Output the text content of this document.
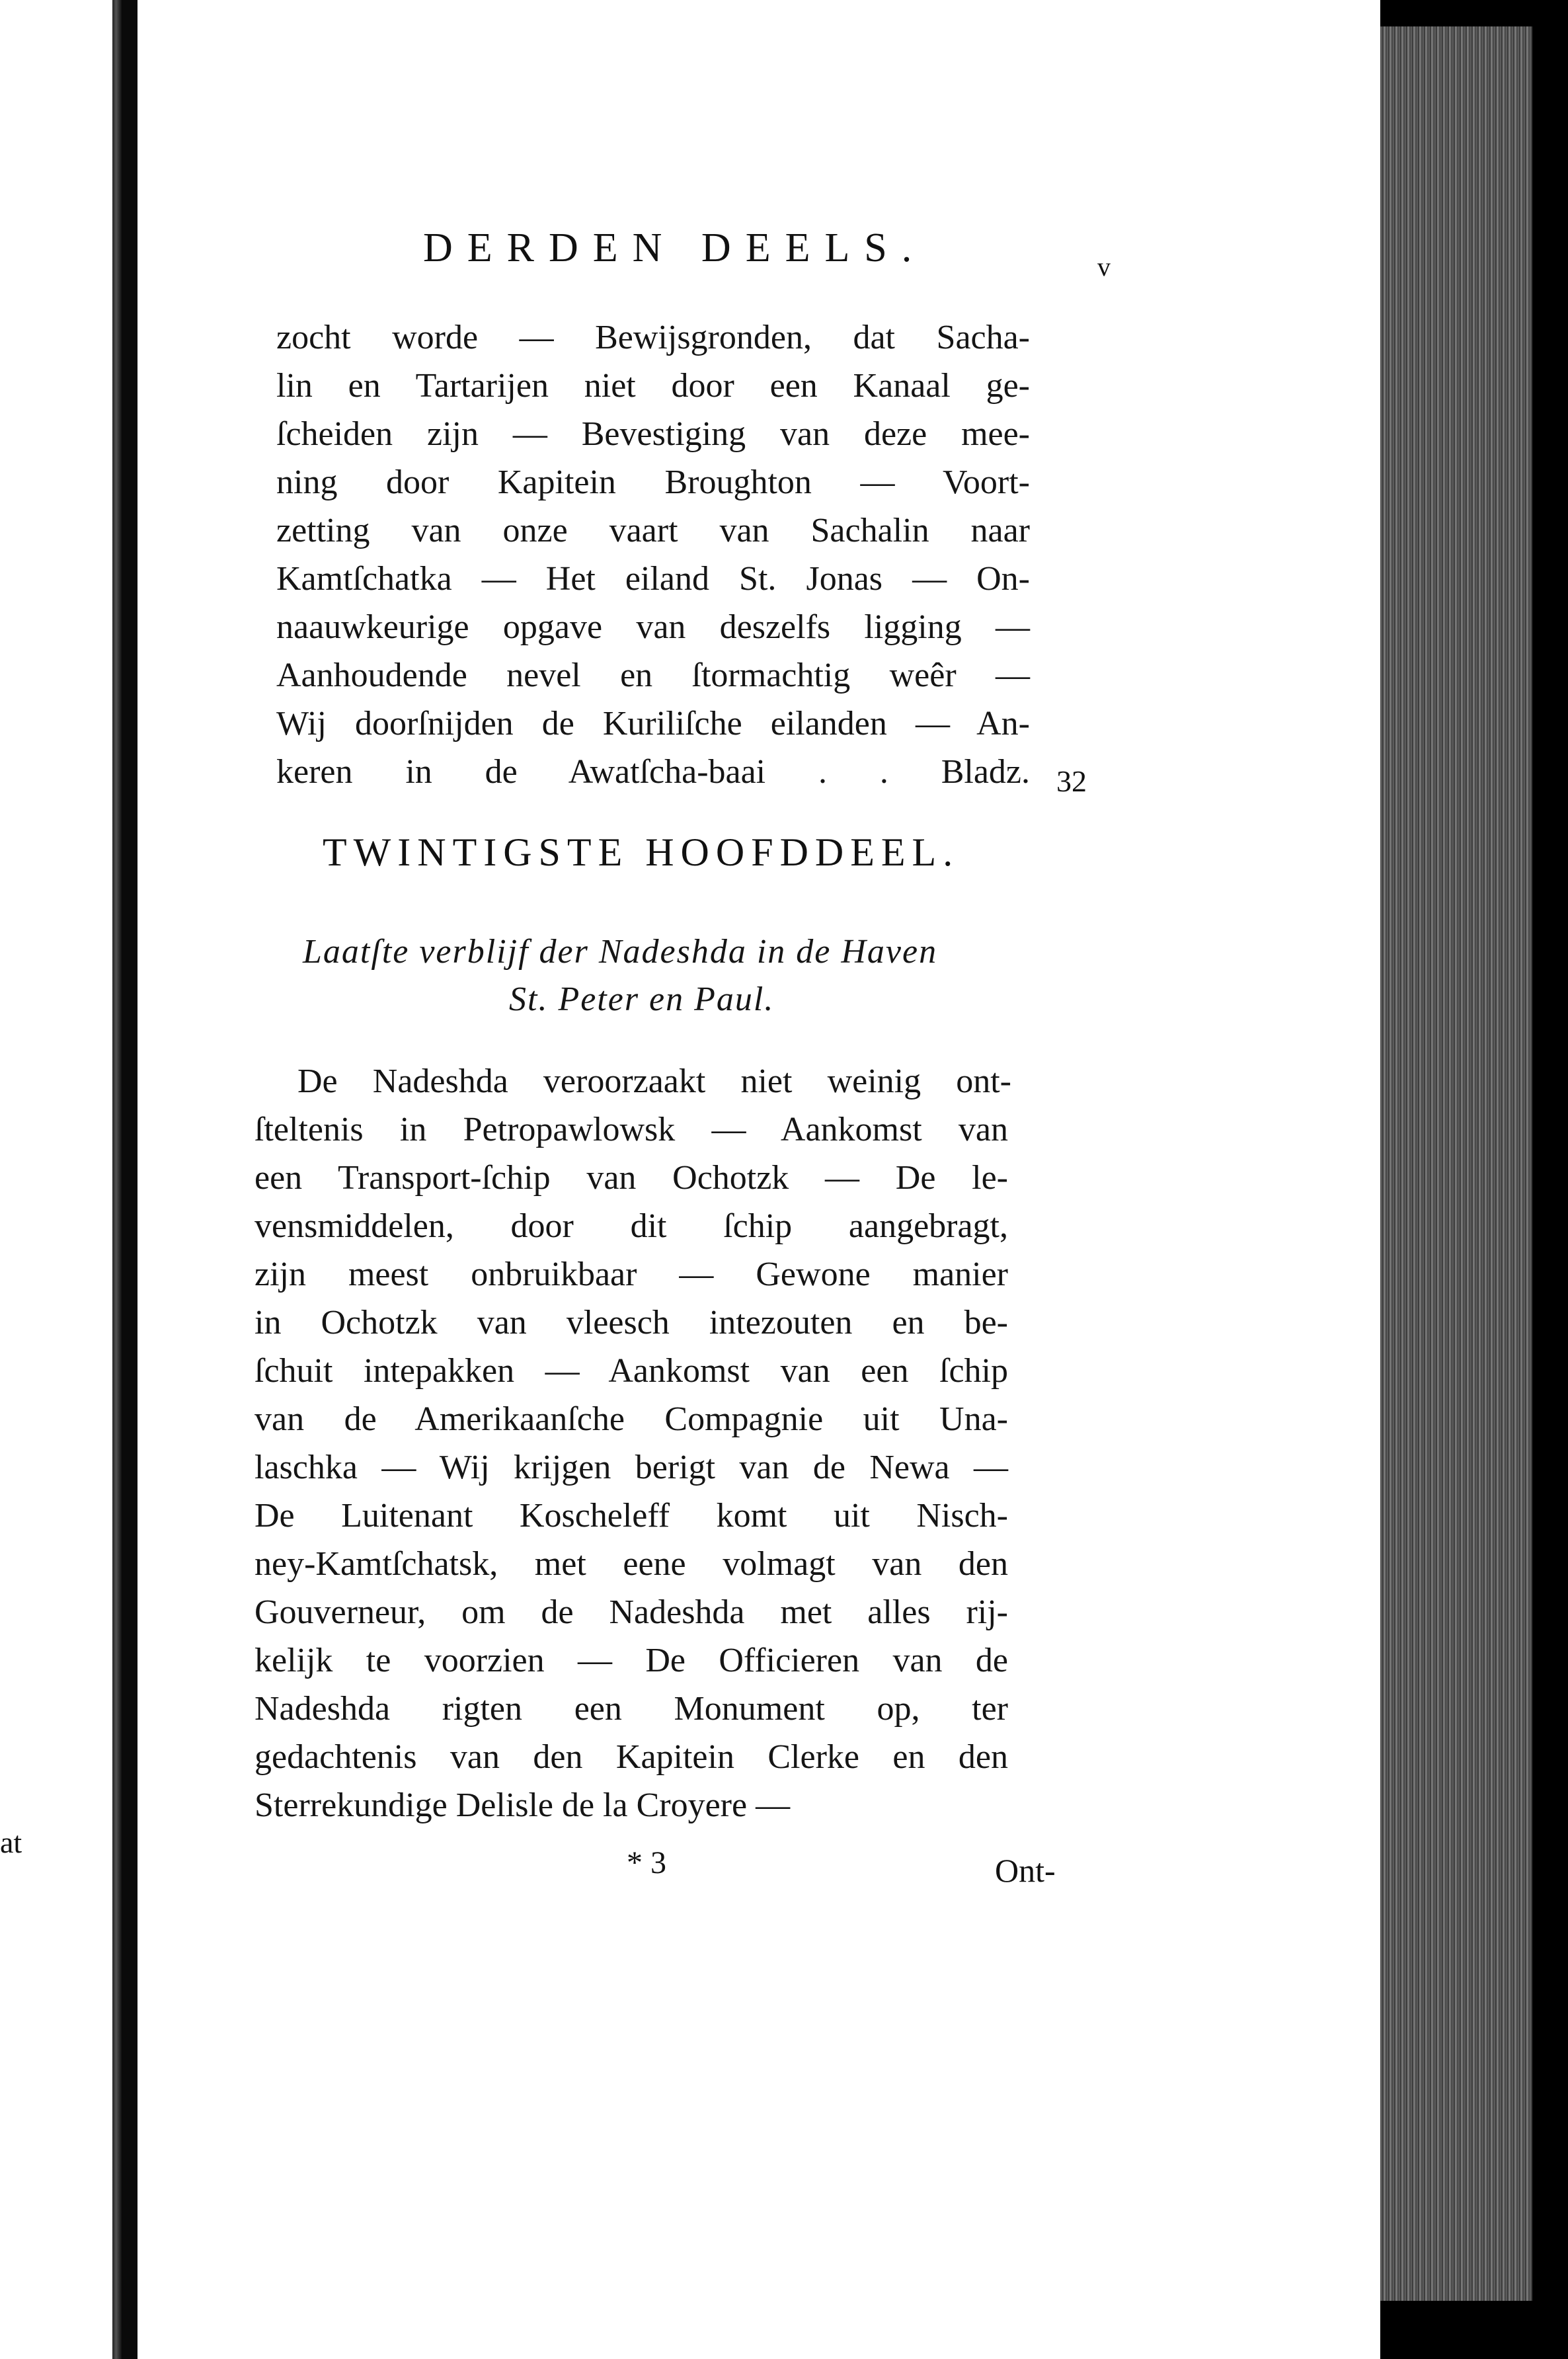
at
DERDEN DEELS.	v
zocht worde — Bewijsgronden, dat Sacha-
lin en Tartarijen niet door een Kanaal ge-
ſcheiden zijn — Bevestiging van deze mee-
ning door Kapitein Broughton — Voort-
zetting van onze vaart van Sachalin naar
Kamtſchatka — Het eiland St. Jonas — On-
naauwkeurige opgave van deszelfs ligging —
Aanhoudende nevel en ſtormachtig weêr —
Wij doorſnijden de Kuriliſche eilanden — An-
keren in de Awatſcha-baai . . Bladz. 32
TWINTIGSTE HOOFDDEEL.
Laatſte verblijf der Nadeshda in de Haven
St. Peter en Paul.
De Nadeshda veroorzaakt niet weinig ont-
ſteltenis in Petropawlowsk — Aankomst van
een Transport-ſchip van Ochotzk — De le-
vensmiddelen, door dit ſchip aangebragt,
zijn meest onbruikbaar — Gewone manier
in Ochotzk van vleesch intezouten en be-
ſchuit intepakken — Aankomst van een ſchip
van de Amerikaanſche Compagnie uit Una-
laschka — Wij krijgen berigt van de Newa —
De Luitenant Koscheleff komt uit Nisch-
ney-Kamtſchatsk, met eene volmagt van den
Gouverneur, om de Nadeshda met alles rij-
kelijk te voorzien — De Officieren van de
Nadeshda rigten een Monument op, ter
gedachtenis van den Kapitein Clerke en den
Sterrekundige Delisle de la Croyere —
* 3	Ont-
